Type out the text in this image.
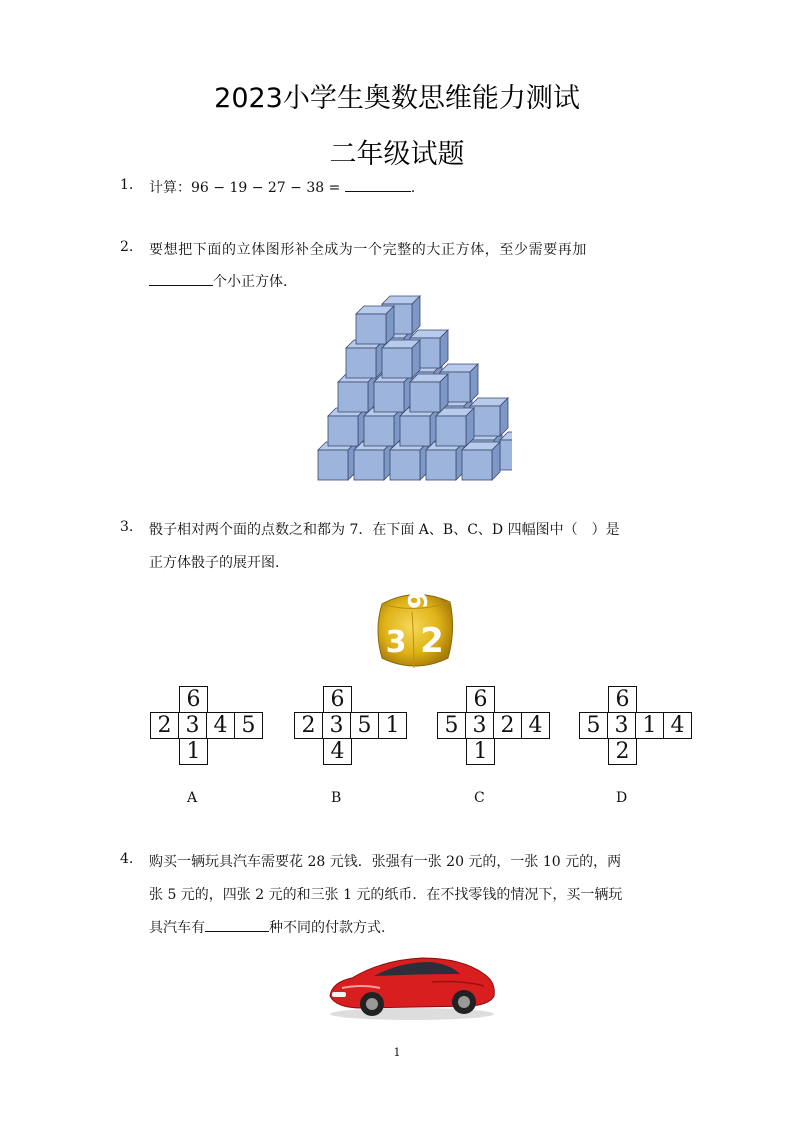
2023小学生奥数思维能力测试
二年级试题
1. 计算：96 − 19 − 27 − 38 =	.
2. 要想把下面的立体图形补全成为一个完整的大正方体，至少需要再加
个小正方体.
3. 骰子相对两个面的点数之和都为 7．在下面 A、B、C、D 四幅图中（　）是
正方体骰子的展开图.
6
3 2
6
2 3 4 5
1
A
6
2 3 5 1
4
B
6
5 3 2 4
1
C
6
5 3 1 4
2
D
4. 购买一辆玩具汽车需要花 28 元钱．张强有一张 20 元的，一张 10 元的，两
张 5 元的，四张 2 元的和三张 1 元的纸币．在不找零钱的情况下，买一辆玩
具汽车有	种不同的付款方式.
1
